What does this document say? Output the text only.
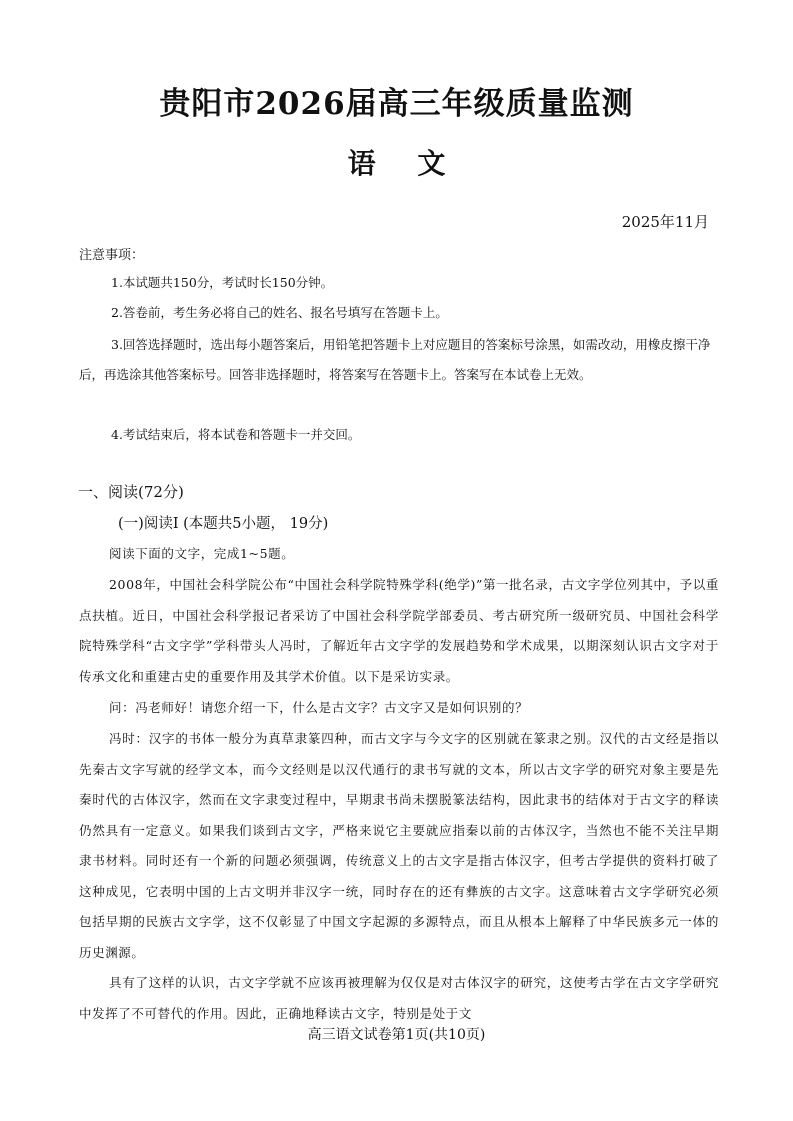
贵阳市2026届高三年级质量监测
语 文
2025年11月
注意事项：
1.本试题共150分，考试时长150分钟。
2.答卷前，考生务必将自己的姓名、报名号填写在答题卡上。
3.回答选择题时，选出每小题答案后，用铅笔把答题卡上对应题目的答案标号涂黑，如需改动，用橡皮擦干净后，再选涂其他答案标号。回答非选择题时，将答案写在答题卡上。答案写在本试卷上无效。
4.考试结束后，将本试卷和答题卡一并交回。
一、阅读(72分)
(一)阅读Ⅰ (本题共5小题， 19分)
阅读下面的文字，完成1~5题。
2008年，中国社会科学院公布“中国社会科学院特殊学科(绝学)”第一批名录，古文字学位列其中，予以重点扶植。近日，中国社会科学报记者采访了中国社会科学院学部委员、考古研究所一级研究员、中国社会科学院特殊学科“古文字学”学科带头人冯时，了解近年古文字学的发展趋势和学术成果，以期深刻认识古文字对于传承文化和重建古史的重要作用及其学术价值。以下是采访实录。
问：冯老师好！请您介绍一下，什么是古文字？古文字又是如何识别的？
冯时：汉字的书体一般分为真草隶篆四种，而古文字与今文字的区别就在篆隶之别。汉代的古文经是指以先秦古文字写就的经学文本，而今文经则是以汉代通行的隶书写就的文本，所以古文字学的研究对象主要是先秦时代的古体汉字，然而在文字隶变过程中，早期隶书尚未摆脱篆法结构，因此隶书的结体对于古文字的释读仍然具有一定意义。如果我们谈到古文字，严格来说它主要就应指秦以前的古体汉字，当然也不能不关注早期隶书材料。同时还有一个新的问题必须强调，传统意义上的古文字是指古体汉字，但考古学提供的资料打破了这种成见，它表明中国的上古文明并非汉字一统，同时存在的还有彝族的古文字。这意味着古文字学研究必须包括早期的民族古文字学，这不仅彰显了中国文字起源的多源特点，而且从根本上解释了中华民族多元一体的历史渊源。
具有了这样的认识，古文字学就不应该再被理解为仅仅是对古体汉字的研究，这使考古学在古文字学研究中发挥了不可替代的作用。因此，正确地释读古文字，特别是处于文
高三语文试卷第1页(共10页)
